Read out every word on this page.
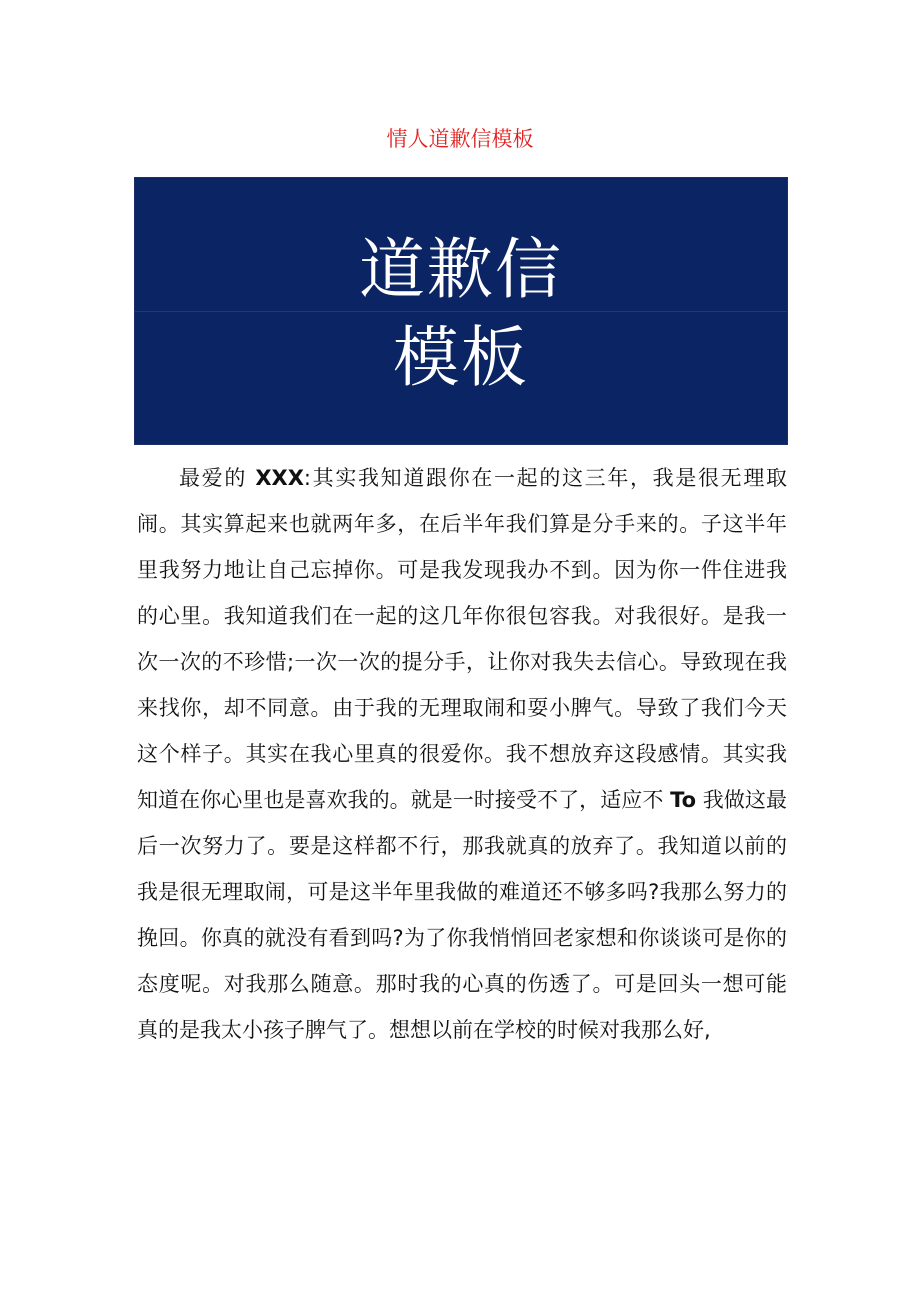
情人道歉信模板
道歉信
模板

最爱的 XXX:其实我知道跟你在一起的这三年，我是很无理取闹。其实算起来也就两年多，在后半年我们算是分手来的。子这半年里我努力地让自己忘掉你。可是我发现我办不到。因为你一件住进我的心里。我知道我们在一起的这几年你很包容我。对我很好。是我一次一次的不珍惜;一次一次的提分手，让你对我失去信心。导致现在我来找你，却不同意。由于我的无理取闹和耍小脾气。导致了我们今天这个样子。其实在我心里真的很爱你。我不想放弃这段感情。其实我知道在你心里也是喜欢我的。就是一时接受不了，适应不 To 我做这最后一次努力了。要是这样都不行，那我就真的放弃了。我知道以前的我是很无理取闹，可是这半年里我做的难道还不够多吗?我那么努力的挽回。你真的就没有看到吗?为了你我悄悄回老家想和你谈谈可是你的态度呢。对我那么随意。那时我的心真的伤透了。可是回头一想可能真的是我太小孩子脾气了。想想以前在学校的时候对我那么好,
